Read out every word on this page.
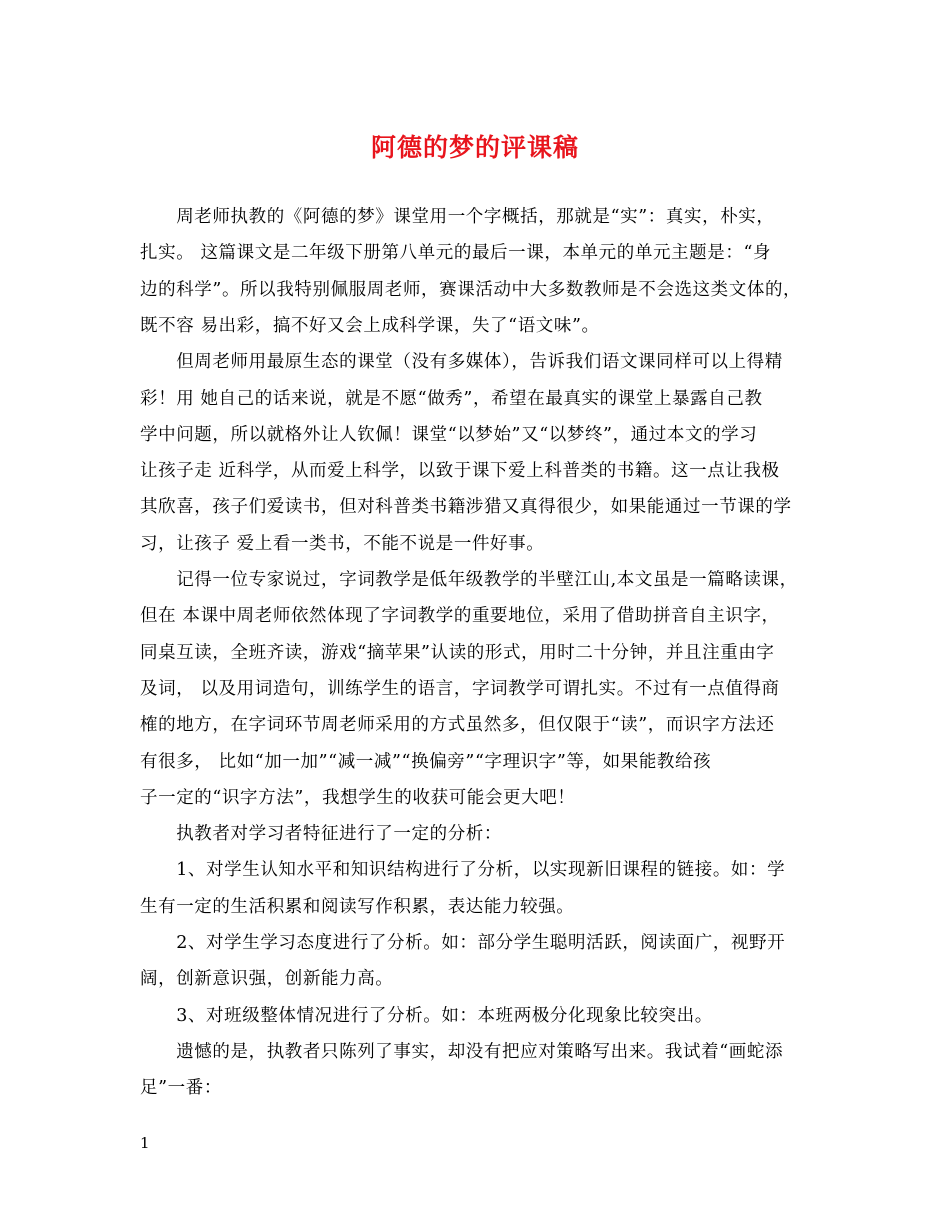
阿德的梦的评课稿
　　周老师执教的《阿德的梦》课堂用一个字概括，那就是“实”：真实，朴实，
扎实。 这篇课文是二年级下册第八单元的最后一课，本单元的单元主题是：“身
边的科学”。所以我特别佩服周老师，赛课活动中大多数教师是不会选这类文体的，
既不容 易出彩，搞不好又会上成科学课，失了“语文味”。
　　但周老师用最原生态的课堂（没有多媒体），告诉我们语文课同样可以上得精
彩！用 她自己的话来说，就是不愿“做秀”，希望在最真实的课堂上暴露自己教
学中问题，所以就格外让人钦佩！课堂“以梦始”又“以梦终”，通过本文的学习
让孩子走 近科学，从而爱上科学，以致于课下爱上科普类的书籍。这一点让我极
其欣喜，孩子们爱读书，但对科普类书籍涉猎又真得很少，如果能通过一节课的学
习，让孩子 爱上看一类书，不能不说是一件好事。
　　记得一位专家说过，字词教学是低年级教学的半壁江山,本文虽是一篇略读课，
但在 本课中周老师依然体现了字词教学的重要地位，采用了借助拼音自主识字，
同桌互读，全班齐读，游戏“摘苹果”认读的形式，用时二十分钟，并且注重由字
及词， 以及用词造句，训练学生的语言，字词教学可谓扎实。不过有一点值得商
榷的地方，在字词环节周老师采用的方式虽然多，但仅限于“读”，而识字方法还
有很多， 比如“加一加”“减一减”“换偏旁”“字理识字”等，如果能教给孩
子一定的“识字方法”，我想学生的收获可能会更大吧！
　　执教者对学习者特征进行了一定的分析：
　　1、对学生认知水平和知识结构进行了分析，以实现新旧课程的链接。如：学
生有一定的生活积累和阅读写作积累，表达能力较强。
　　2、对学生学习态度进行了分析。如：部分学生聪明活跃，阅读面广，视野开
阔，创新意识强，创新能力高。
　　3、对班级整体情况进行了分析。如：本班两极分化现象比较突出。
　　遗憾的是，执教者只陈列了事实，却没有把应对策略写出来。我试着“画蛇添
足”一番：
1
